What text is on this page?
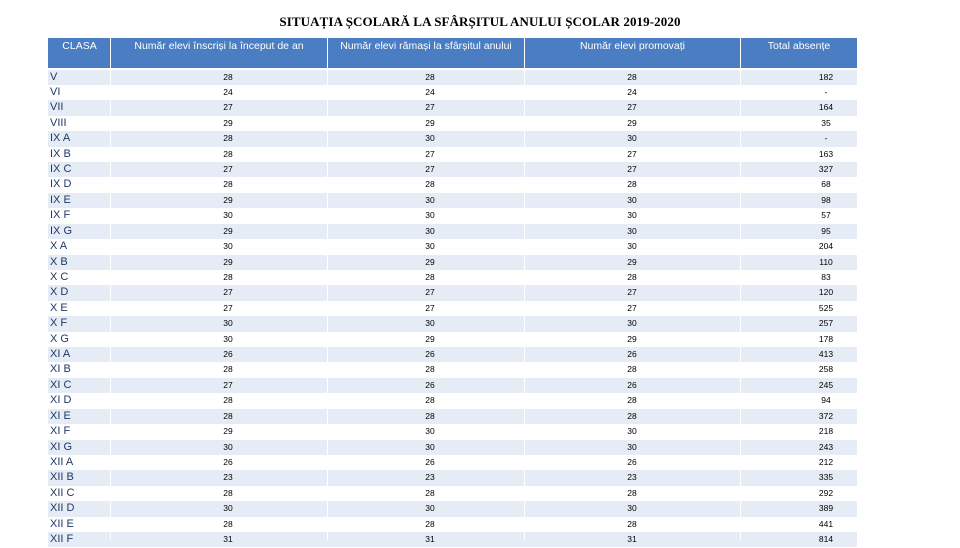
SITUAȚIA ȘCOLARĂ LA SFÂRȘITUL ANULUI ȘCOLAR 2019-2020
CLASA	Număr elevi înscriși la început de an	Număr elevi rămași la sfârșitul anului	Număr elevi promovați	Total absențe
V	28	28	28	182
VI	24	24	24	-
VII	27	27	27	164
VIII	29	29	29	35
IX A	28	30	30	-
IX B	28	27	27	163
IX C	27	27	27	327
IX D	28	28	28	68
IX E	29	30	30	98
IX F	30	30	30	57
IX G	29	30	30	95
X A	30	30	30	204
X B	29	29	29	110
X C	28	28	28	83
X D	27	27	27	120
X E	27	27	27	525
X F	30	30	30	257
X G	30	29	29	178
XI A	26	26	26	413
XI B	28	28	28	258
XI C	27	26	26	245
XI D	28	28	28	94
XI E	28	28	28	372
XI F	29	30	30	218
XI G	30	30	30	243
XII A	26	26	26	212
XII B	23	23	23	335
XII C	28	28	28	292
XII D	30	30	30	389
XII E	28	28	28	441
XII F	31	31	31	814
